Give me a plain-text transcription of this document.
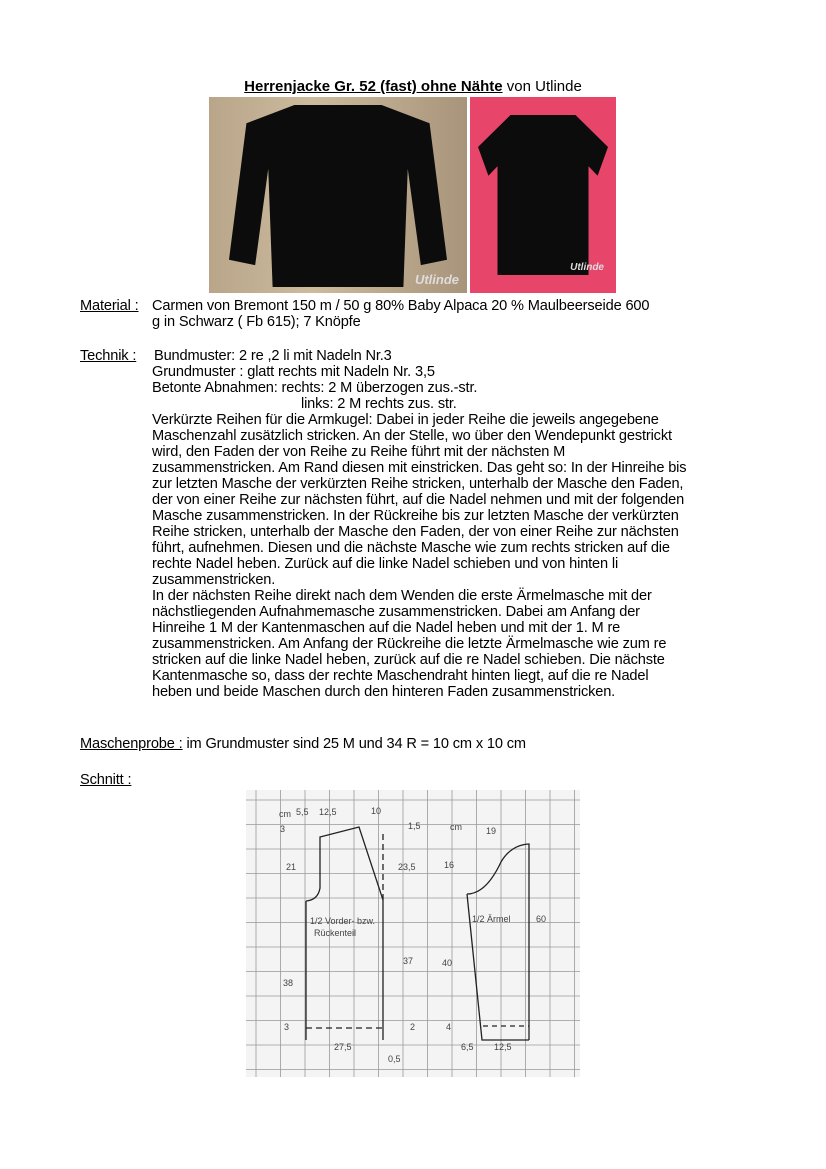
Herrenjacke Gr. 52 (fast) ohne Nähte von Utlinde
Utlinde
Utlinde
Material : Carmen von Bremont 150 m / 50 g 80% Baby Alpaca 20 % Maulbeerseide 600
g in Schwarz ( Fb 615); 7 Knöpfe
Technik : Bundmuster: 2 re ,2 li mit Nadeln Nr.3
Grundmuster : glatt rechts mit Nadeln Nr. 3,5
Betonte Abnahmen: rechts: 2 M überzogen zus.-str.
links: 2 M rechts zus. str.
Verkürzte Reihen für die Armkugel: Dabei in jeder Reihe die jeweils angegebene
Maschenzahl zusätzlich stricken. An der Stelle, wo über den Wendepunkt gestrickt
wird, den Faden der von Reihe zu Reihe führt mit der nächsten M
zusammenstricken. Am Rand diesen mit einstricken. Das geht so: In der Hinreihe bis
zur letzten Masche der verkürzten Reihe stricken, unterhalb der Masche den Faden,
der von einer Reihe zur nächsten führt, auf die Nadel nehmen und mit der folgenden
Masche zusammenstricken. In der Rückreihe bis zur letzten Masche der verkürzten
Reihe stricken, unterhalb der Masche den Faden, der von einer Reihe zur nächsten
führt, aufnehmen. Diesen und die nächste Masche wie zum rechts stricken auf die
rechte Nadel heben. Zurück auf die linke Nadel schieben und von hinten li
zusammenstricken.
In der nächsten Reihe direkt nach dem Wenden die erste Ärmelmasche mit der
nächstliegenden Aufnahmemasche zusammenstricken. Dabei am Anfang der
Hinreihe 1 M der Kantenmaschen auf die Nadel heben und mit der 1. M re
zusammenstricken. Am Anfang der Rückreihe die letzte Ärmelmasche wie zum re
stricken auf die linke Nadel heben, zurück auf die re Nadel schieben. Die nächste
Kantenmasche so, dass der rechte Maschendraht hinten liegt, auf die re Nadel
heben und beide Maschen durch den hinteren Faden zusammenstricken.
Maschenprobe : im Grundmuster sind 25 M und 34 R = 10 cm x 10 cm
Schnitt :
cm 5,5 12,5	10
3	1,5	cm	19
21	23,5	16
1/2 Vorder- bzw.
Rückenteil
1/2 Ärmel	60
37	40
38
3	2	4
27,5
0,5
6,5 12,5
